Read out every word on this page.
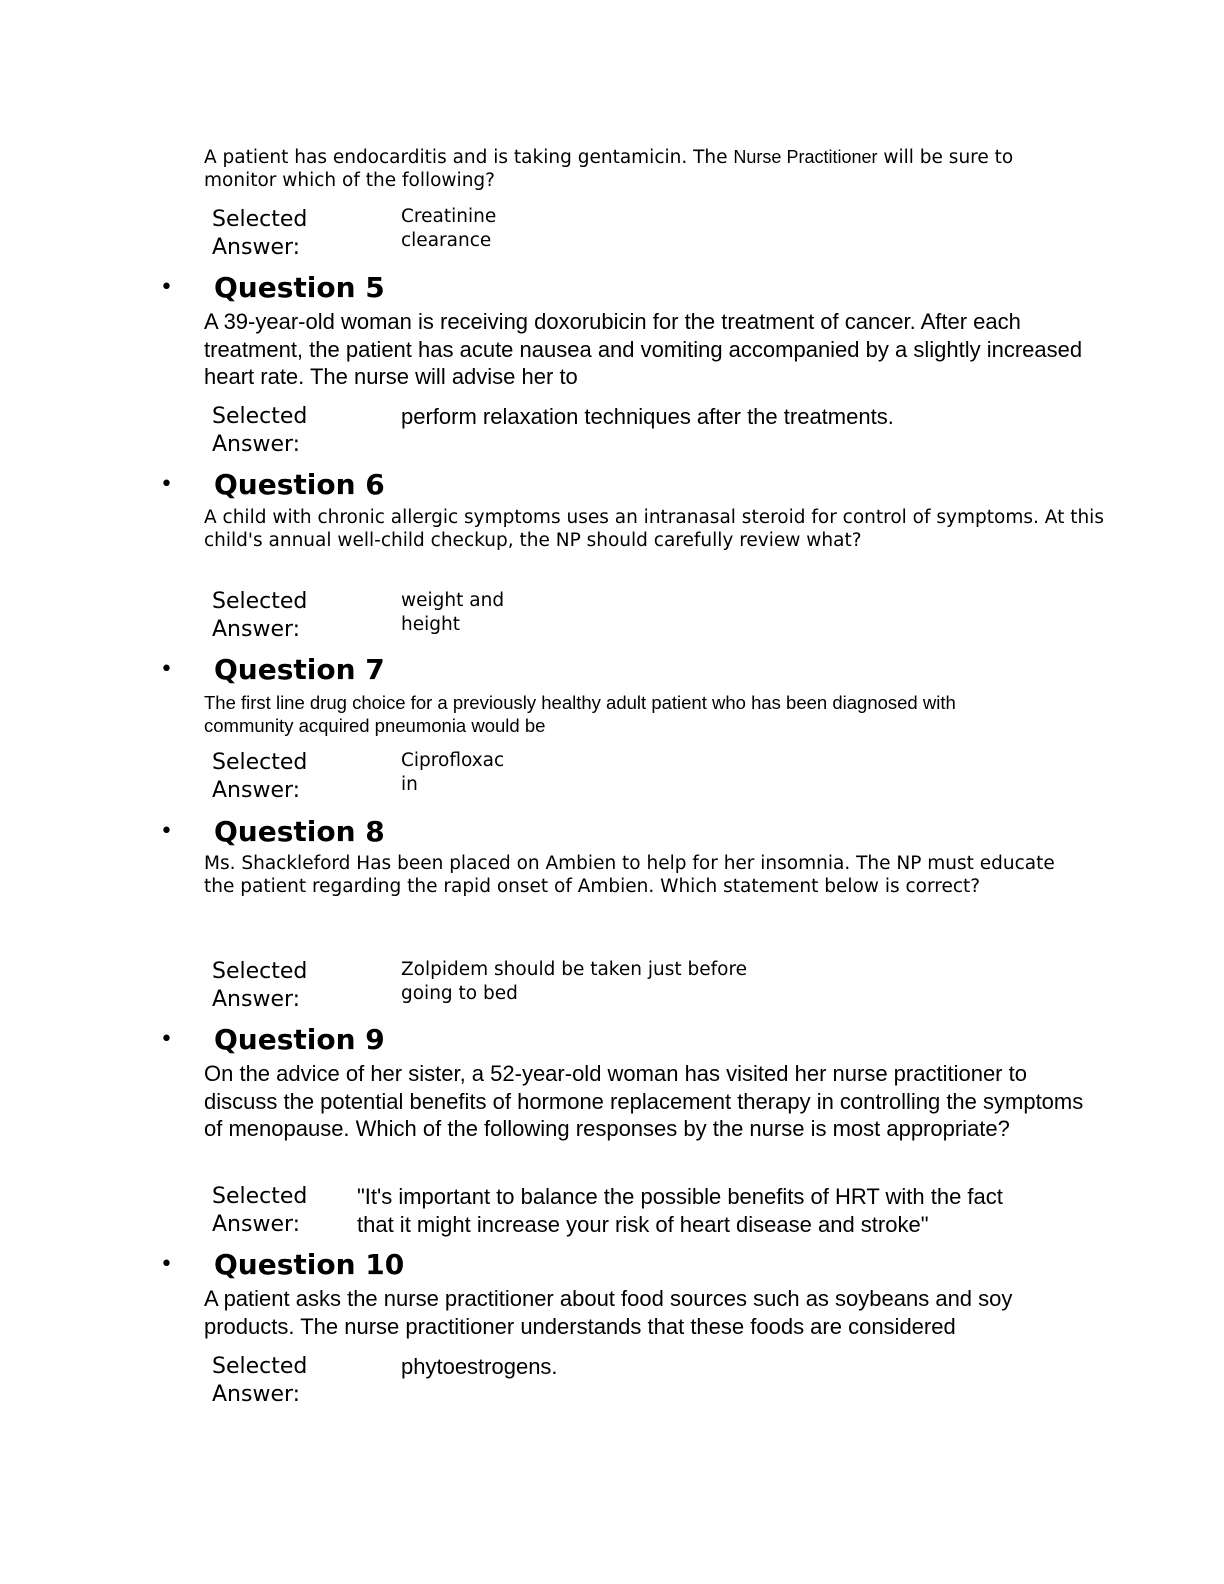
A patient has endocarditis and is taking gentamicin. The Nurse Practitioner will be sure to monitor which of the following?
Selected
Answer:
Creatinine
clearance
• Question 5
A 39-year-old woman is receiving doxorubicin for the treatment of cancer. After each treatment, the patient has acute nausea and vomiting accompanied by a slightly increased heart rate. The nurse will advise her to
Selected
Answer:
perform relaxation techniques after the treatments.
• Question 6
A child with chronic allergic symptoms uses an intranasal steroid for control of symptoms. At this child's annual well-child checkup, the NP should carefully review what?
Selected
Answer:
weight and
height
• Question 7
The first line drug choice for a previously healthy adult patient who has been diagnosed with community acquired pneumonia would be
Selected
Answer:
Ciprofloxac
in
• Question 8
Ms. Shackleford Has been placed on Ambien to help for her insomnia. The NP must educate the patient regarding the rapid onset of Ambien. Which statement below is correct?
Selected
Answer:
Zolpidem should be taken just before
going to bed
• Question 9
On the advice of her sister, a 52-year-old woman has visited her nurse practitioner to discuss the potential benefits of hormone replacement therapy in controlling the symptoms of menopause. Which of the following responses by the nurse is most appropriate?
Selected
Answer:
"It's important to balance the possible benefits of HRT with the fact
that it might increase your risk of heart disease and stroke"
• Question 10
A patient asks the nurse practitioner about food sources such as soybeans and soy products. The nurse practitioner understands that these foods are considered
Selected
Answer:
phytoestrogens.
